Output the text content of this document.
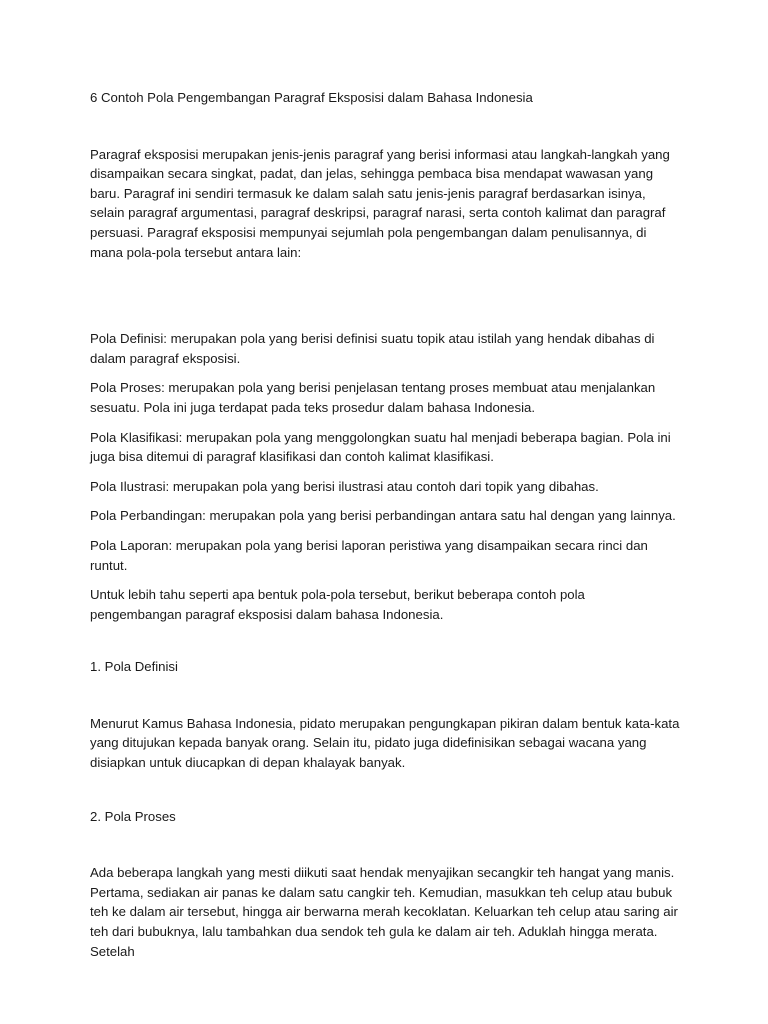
6 Contoh Pola Pengembangan Paragraf Eksposisi dalam Bahasa Indonesia

Paragraf eksposisi merupakan jenis-jenis paragraf yang berisi informasi atau langkah-langkah yang disampaikan secara singkat, padat, dan jelas, sehingga pembaca bisa mendapat wawasan yang baru. Paragraf ini sendiri termasuk ke dalam salah satu jenis-jenis paragraf berdasarkan isinya, selain paragraf argumentasi, paragraf deskripsi, paragraf narasi, serta contoh kalimat dan paragraf persuasi. Paragraf eksposisi mempunyai sejumlah pola pengembangan dalam penulisannya, di mana pola-pola tersebut antara lain:

Pola Definisi: merupakan pola yang berisi definisi suatu topik atau istilah yang hendak dibahas di dalam paragraf eksposisi.

Pola Proses: merupakan pola yang berisi penjelasan tentang proses membuat atau menjalankan sesuatu. Pola ini juga terdapat pada teks prosedur dalam bahasa Indonesia.

Pola Klasifikasi: merupakan pola yang menggolongkan suatu hal menjadi beberapa bagian. Pola ini juga bisa ditemui di paragraf klasifikasi dan contoh kalimat klasifikasi.

Pola Ilustrasi: merupakan pola yang berisi ilustrasi atau contoh dari topik yang dibahas.

Pola Perbandingan: merupakan pola yang berisi perbandingan antara satu hal dengan yang lainnya.

Pola Laporan: merupakan pola yang berisi laporan peristiwa yang disampaikan secara rinci dan runtut.

Untuk lebih tahu seperti apa bentuk pola-pola tersebut, berikut beberapa contoh pola pengembangan paragraf eksposisi dalam bahasa Indonesia.

1. Pola Definisi

Menurut Kamus Bahasa Indonesia, pidato merupakan pengungkapan pikiran dalam bentuk kata-kata yang ditujukan kepada banyak orang. Selain itu, pidato juga didefinisikan sebagai wacana yang disiapkan untuk diucapkan di depan khalayak banyak.

2. Pola Proses

Ada beberapa langkah yang mesti diikuti saat hendak menyajikan secangkir teh hangat yang manis. Pertama, sediakan air panas ke dalam satu cangkir teh. Kemudian, masukkan teh celup atau bubuk teh ke dalam air tersebut, hingga air berwarna merah kecoklatan. Keluarkan teh celup atau saring air teh dari bubuknya, lalu tambahkan dua sendok teh gula ke dalam air teh. Aduklah hingga merata. Setelah
